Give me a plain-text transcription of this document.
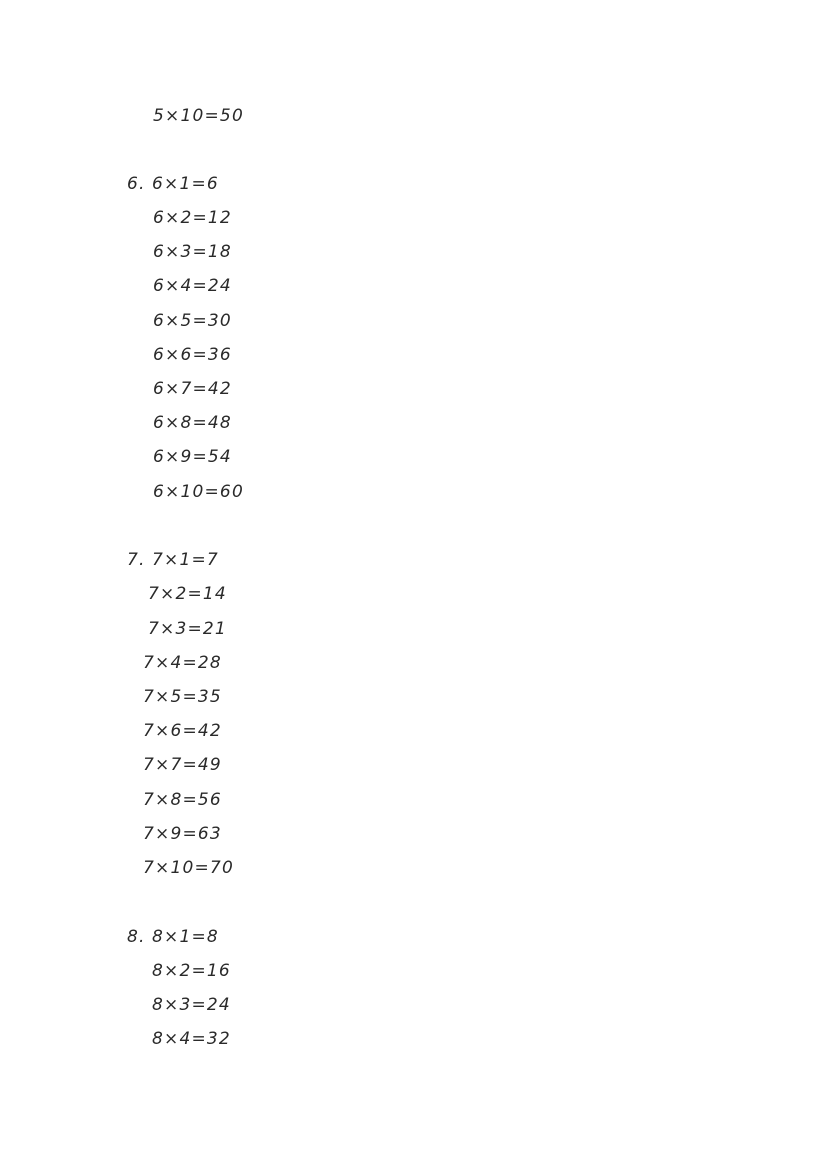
5×10=50
6. 6×1=6
6×2=12
6×3=18
6×4=24
6×5=30
6×6=36
6×7=42
6×8=48
6×9=54
6×10=60
7. 7×1=7
7×2=14
7×3=21
7×4=28
7×5=35
7×6=42
7×7=49
7×8=56
7×9=63
7×10=70
8. 8×1=8
8×2=16
8×3=24
8×4=32
